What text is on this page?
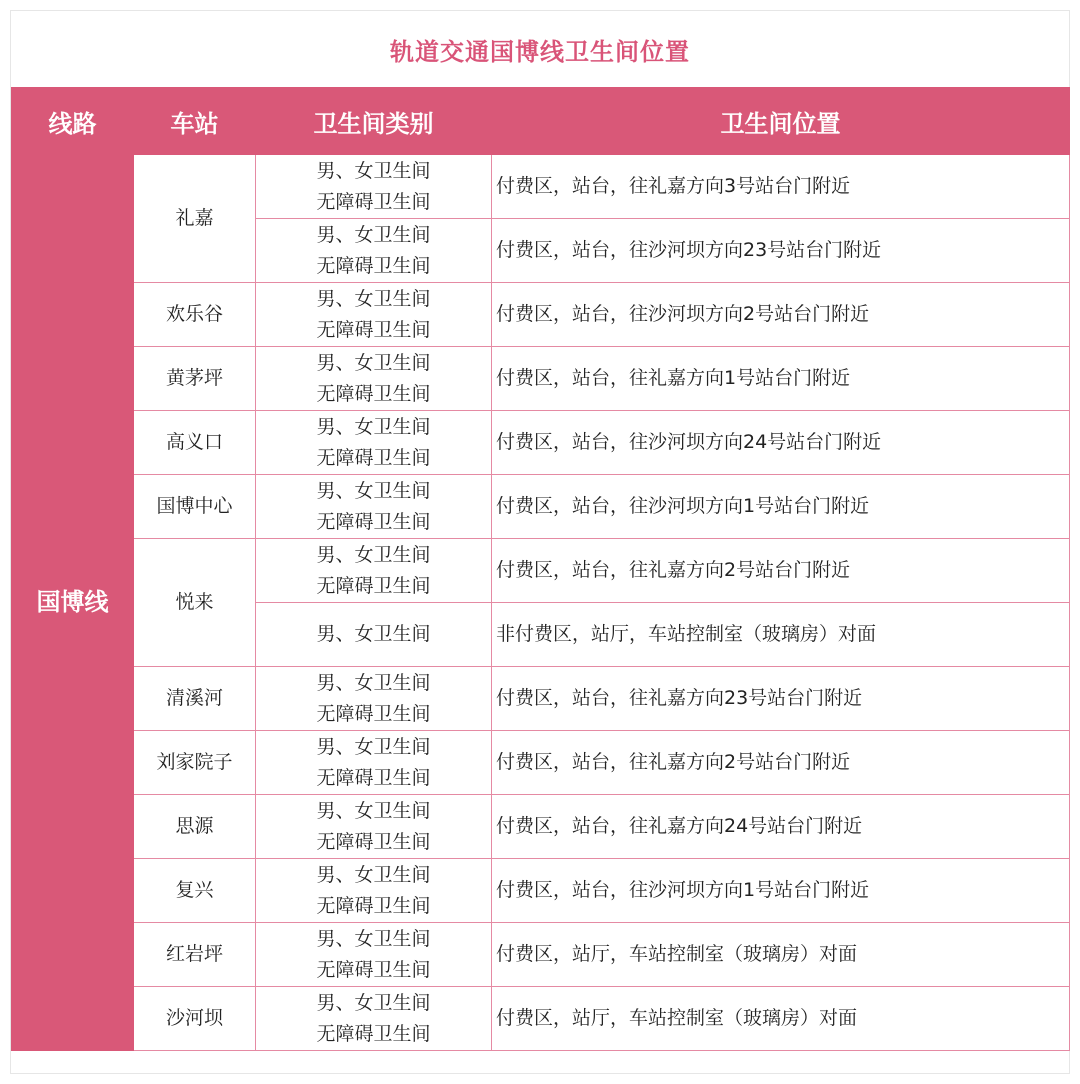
轨道交通国博线卫生间位置
线路	车站	卫生间类别	卫生间位置
国博线	礼嘉	男、女卫生间
无障碍卫生间	付费区，站台，往礼嘉方向3号站台门附近

		男、女卫生间
无障碍卫生间	付费区，站台，往沙河坝方向23号站台门附近
	欢乐谷	男、女卫生间
无障碍卫生间	付费区，站台，往沙河坝方向2号站台门附近
	黄茅坪	男、女卫生间
无障碍卫生间	付费区，站台，往礼嘉方向1号站台门附近
	高义口	男、女卫生间
无障碍卫生间	付费区，站台，往沙河坝方向24号站台门附近
	国博中心	男、女卫生间
无障碍卫生间	付费区，站台，往沙河坝方向1号站台门附近
	悦来	男、女卫生间
无障碍卫生间	付费区，站台，往礼嘉方向2号站台门附近

		男、女卫生间	非付费区，站厅，车站控制室（玻璃房）对面
	清溪河	男、女卫生间
无障碍卫生间	付费区，站台，往礼嘉方向23号站台门附近
	刘家院子	男、女卫生间
无障碍卫生间	付费区，站台，往礼嘉方向2号站台门附近
	思源	男、女卫生间
无障碍卫生间	付费区，站台，往礼嘉方向24号站台门附近
	复兴	男、女卫生间
无障碍卫生间	付费区，站台，往沙河坝方向1号站台门附近
	红岩坪	男、女卫生间
无障碍卫生间	付费区，站厅，车站控制室（玻璃房）对面
	沙河坝	男、女卫生间
无障碍卫生间	付费区，站厅，车站控制室（玻璃房）对面
